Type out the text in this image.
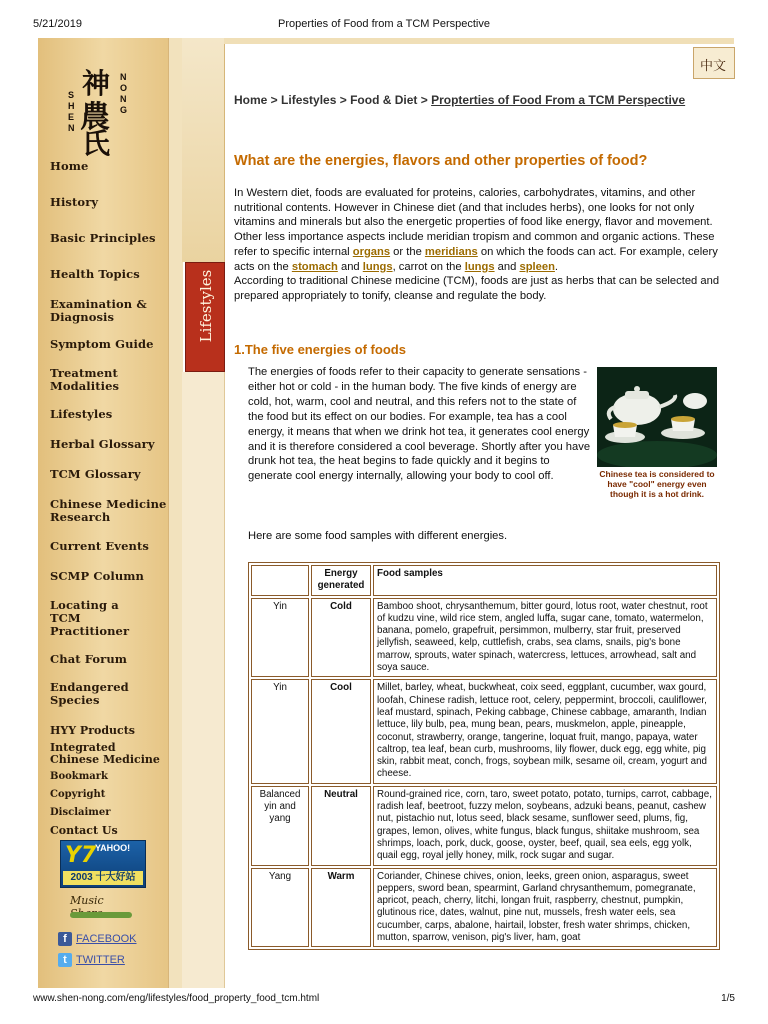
5/21/2019	Properties of Food from a TCM Perspective
www.shen-nong.com/eng/lifestyles/food_property_food_tcm.html	1/5
神
農
氏
SHEN
NONG
Home
History
Basic Principles
Health Topics
Examination & Diagnosis
Symptom Guide
Treatment Modalities
Lifestyles
Herbal Glossary
TCM Glossary
Chinese Medicine Research
Current Events
SCMP Column
Locating a TCM Practitioner
Chat Forum
Endangered Species
HYY Products
Integrated Chinese Medicine
Bookmark
Copyright
Disclaimer
Contact Us
Y7
YAHOO!
2003 十大好站
Music
f FACEBOOK
t TWITTER
Lifestyles
中文
Home > Lifestyles > Food & Diet > Propterties of Food From a TCM Perspective
What are the energies, flavors and other properties of food?
In Western diet, foods are evaluated for proteins, calories, carbohydrates, vitamins, and other nutritional contents. However in Chinese diet (and that includes herbs), one looks for not only vitamins and minerals but also the energetic properties of food like energy, flavor and movement. Other less importance aspects include meridian tropism and common and organic actions. These refer to specific internal organs or the meridians on which the foods can act. For example, celery acts on the stomach and lungs, carrot on the lungs and spleen.
According to traditional Chinese medicine (TCM), foods are just as herbs that can be selected and prepared appropriately to tonify, cleanse and regulate the body.
1.The five energies of foods
The energies of foods refer to their capacity to generate sensations - either hot or cold - in the human body. The five kinds of energy are cold, hot, warm, cool and neutral, and this refers not to the state of the food but its effect on our bodies. For example, tea has a cool energy, it means that when we drink hot tea, it generates cool energy and it is therefore considered a cool beverage. Shortly after you have drunk hot tea, the heat begins to fade quickly and it begins to generate cool energy internally, allowing your body to cool off.	Chinese tea is considered to have "cool" energy even though it is a hot drink.
Here are some food samples with different energies.
	Energy generated	Food samples
Yin	Cold	Bamboo shoot, chrysanthemum, bitter gourd, lotus root, water chestnut, root of kudzu vine, wild rice stem, angled luffa, sugar cane, tomato, watermelon, banana, pomelo, grapefruit, persimmon, mulberry, star fruit, preserved jellyfish, seaweed, kelp, cuttlefish, crabs, sea clams, snails, pig's bone marrow, sprouts, water spinach, watercress, lettuces, arrowhead, salt and soya sauce.
Yin	Cool	Millet, barley, wheat, buckwheat, coix seed, eggplant, cucumber, wax gourd, loofah, Chinese radish, lettuce root, celery, peppermint, broccoli, cauliflower, leaf mustard, spinach, Peking cabbage, Chinese cabbage, amaranth, Indian lettuce, lily bulb, pea, mung bean, pears, muskmelon, apple, pineapple, coconut, strawberry, orange, tangerine, loquat fruit, mango, papaya, water caltrop, tea leaf, bean curb, mushrooms, lily flower, duck egg, egg white, pig skin, rabbit meat, conch, frogs, soybean milk, sesame oil, cream, yogurt and cheese.
Balanced yin and yang	Neutral	Round-grained rice, corn, taro, sweet potato, potato, turnips, carrot, cabbage, radish leaf, beetroot, fuzzy melon, soybeans, adzuki beans, peanut, cashew nut, pistachio nut, lotus seed, black sesame, sunflower seed, plums, fig, grapes, lemon, olives, white fungus, black fungus, shiitake mushroom, sea shrimps, loach, pork, duck, goose, oyster, beef, quail, sea eels, egg yolk, quail egg, royal jelly honey, milk, rock sugar and sugar.
Yang	Warm	Coriander, Chinese chives, onion, leeks, green onion, asparagus, sweet peppers, sword bean, spearmint, Garland chrysanthemum, pomegranate, apricot, peach, cherry, litchi, longan fruit, raspberry, chestnut, pumpkin, glutinous rice, dates, walnut, pine nut, mussels, fresh water eels, sea cucumber, carps, abalone, hairtail, lobster, fresh water shrimps, chicken, mutton, sparrow, venison, pig's liver, ham, goat
